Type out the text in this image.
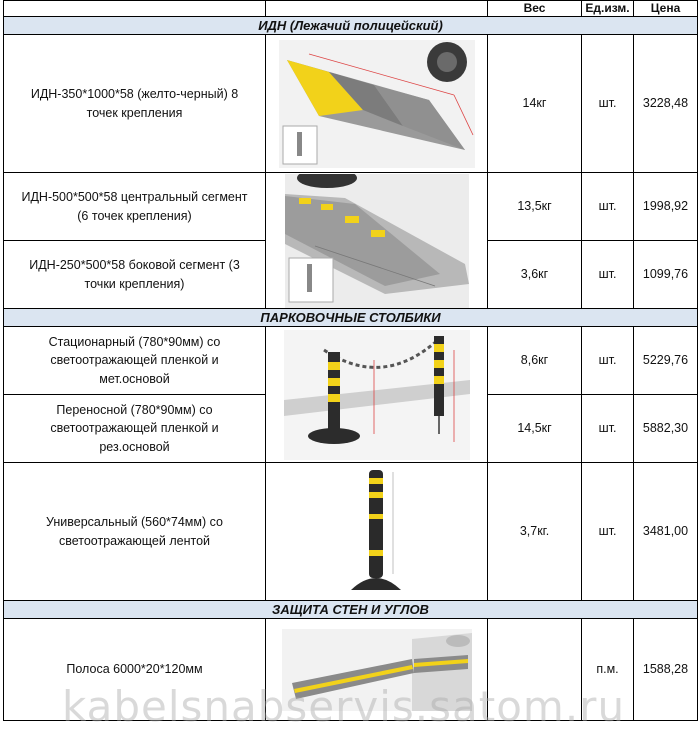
		Вес	Ед.изм.	Цена
ИДН (Лежачий полицейский)				
ИДН-350*1000*58 (желто-черный) 8 точек крепления		14кг	шт.	3228,48
ИДН-500*500*58 центральный сегмент (6 точек крепления)		13,5кг	шт.	1998,92
ИДН-250*500*58 боковой сегмент (3 точки крепления)		3,6кг	шт.	1099,76
ПАРКОВОЧНЫЕ СТОЛБИКИ				
Стационарный (780*90мм) со светоотражающей пленкой и мет.основой		8,6кг	шт.	5229,76
Переносной (780*90мм) со светоотражающей пленкой и рез.основой		14,5кг	шт.	5882,30
Универсальный (560*74мм) со светоотражающей лентой		3,7кг.	шт.	3481,00
ЗАЩИТА СТЕН И УГЛОВ				
Полоса 6000*20*120мм			п.м.	1588,28
kabelsnabservis.satom.ru
